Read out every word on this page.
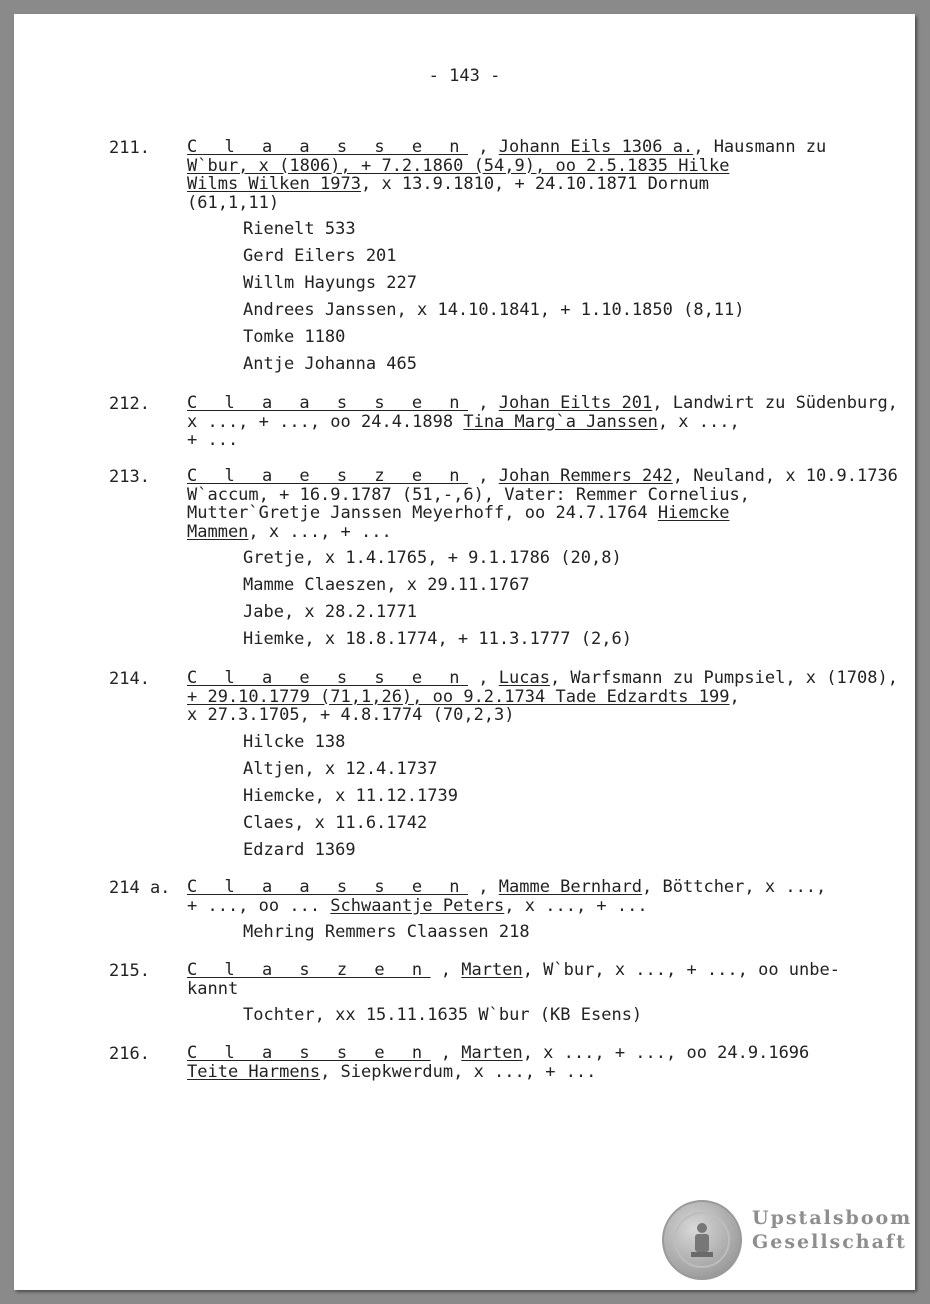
- 143 -
211. C l a a s s e n , Johann Eils 1306 a., Hausmann zu
W`bur, x (1806), + 7.2.1860 (54,9), oo 2.5.1835 Hilke
Wilms Wilken 1973, x 13.9.1810, + 24.10.1871 Dornum
(61,1,11)
Rienelt 533
Gerd Eilers 201
Willm Hayungs 227
Andrees Janssen, x 14.10.1841, + 1.10.1850 (8,11)
Tomke 1180
Antje Johanna 465
212. C l a a s s e n , Johan Eilts 201, Landwirt zu Südenburg,
x ..., + ..., oo 24.4.1898 Tina Marg`a Janssen, x ...,
+ ...
213. C l a e s z e n , Johan Remmers 242, Neuland, x 10.9.1736
W`accum, + 16.9.1787 (51,-,6), Vater: Remmer Cornelius,
Mutter`Gretje Janssen Meyerhoff, oo 24.7.1764 Hiemcke
Mammen, x ..., + ...
Gretje, x 1.4.1765, + 9.1.1786 (20,8)
Mamme Claeszen, x 29.11.1767
Jabe, x 28.2.1771
Hiemke, x 18.8.1774, + 11.3.1777 (2,6)
214. C l a e s s e n , Lucas, Warfsmann zu Pumpsiel, x (1708),
+ 29.10.1779 (71,1,26), oo 9.2.1734 Tade Edzardts 199,
x 27.3.1705, + 4.8.1774 (70,2,3)
Hilcke 138
Altjen, x 12.4.1737
Hiemcke, x 11.12.1739
Claes, x 11.6.1742
Edzard 1369
214 a. C l a a s s e n , Mamme Bernhard, Böttcher, x ...,
+ ..., oo ... Schwaantje Peters, x ..., + ...
Mehring Remmers Claassen 218
215. C l a s z e n , Marten, W`bur, x ..., + ..., oo unbe-
kannt
Tochter, xx 15.11.1635 W`bur (KB Esens)
216. C l a s s e n , Marten, x ..., + ..., oo 24.9.1696
Teite Harmens, Siepkwerdum, x ..., + ...
Upstalsboom
Gesellschaft
